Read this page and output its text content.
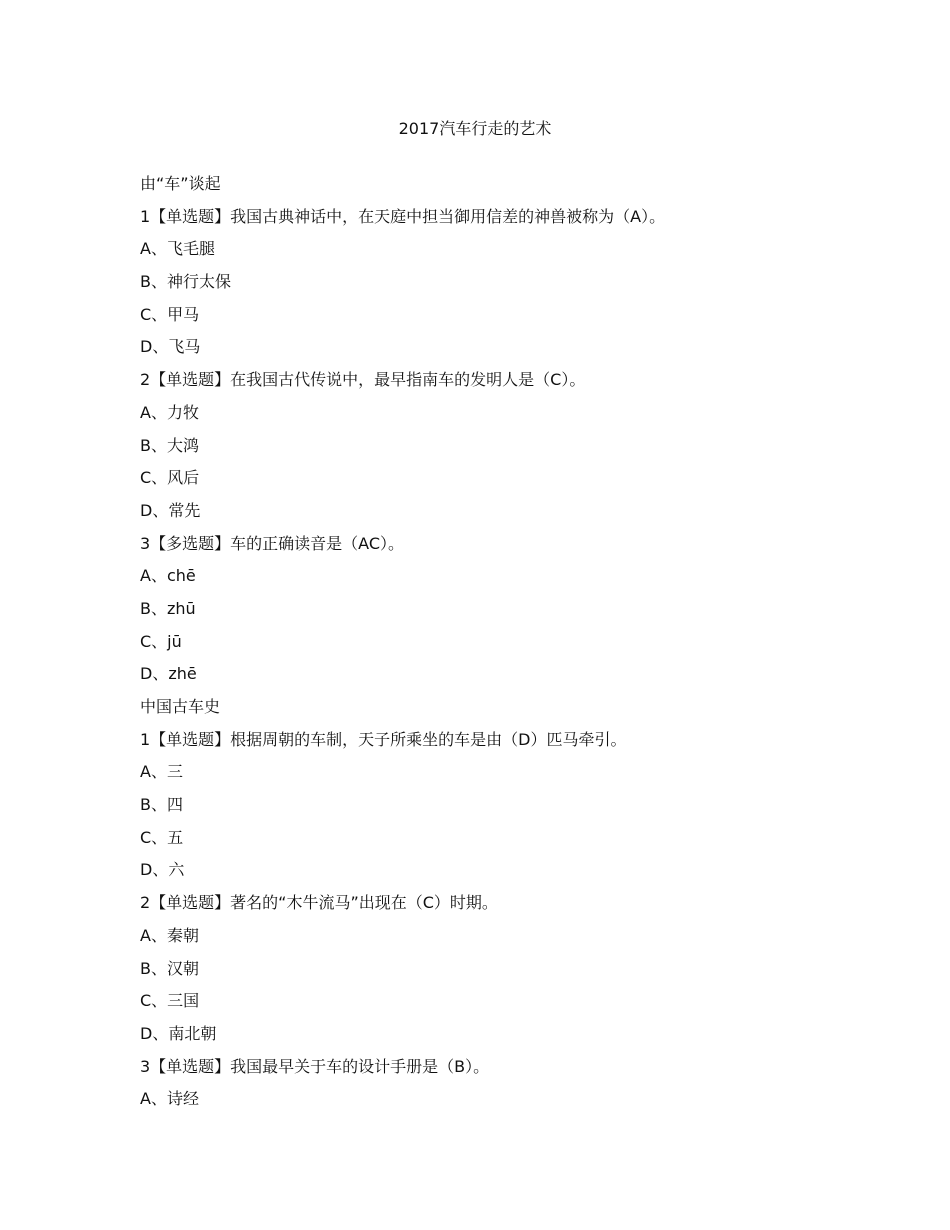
2017汽车行走的艺术
由“车”谈起
1【单选题】我国古典神话中，在天庭中担当御用信差的神兽被称为（A）。
A、飞毛腿
B、神行太保
C、甲马
D、飞马
2【单选题】在我国古代传说中，最早指南车的发明人是（C）。
A、力牧
B、大鸿
C、风后
D、常先
3【多选题】车的正确读音是（AC）。
A、chē
B、zhū
C、jū
D、zhē
中国古车史
1【单选题】根据周朝的车制，天子所乘坐的车是由（D）匹马牵引。
A、三
B、四
C、五
D、六
2【单选题】著名的“木牛流马”出现在（C）时期。
A、秦朝
B、汉朝
C、三国
D、南北朝
3【单选题】我国最早关于车的设计手册是（B）。
A、诗经
